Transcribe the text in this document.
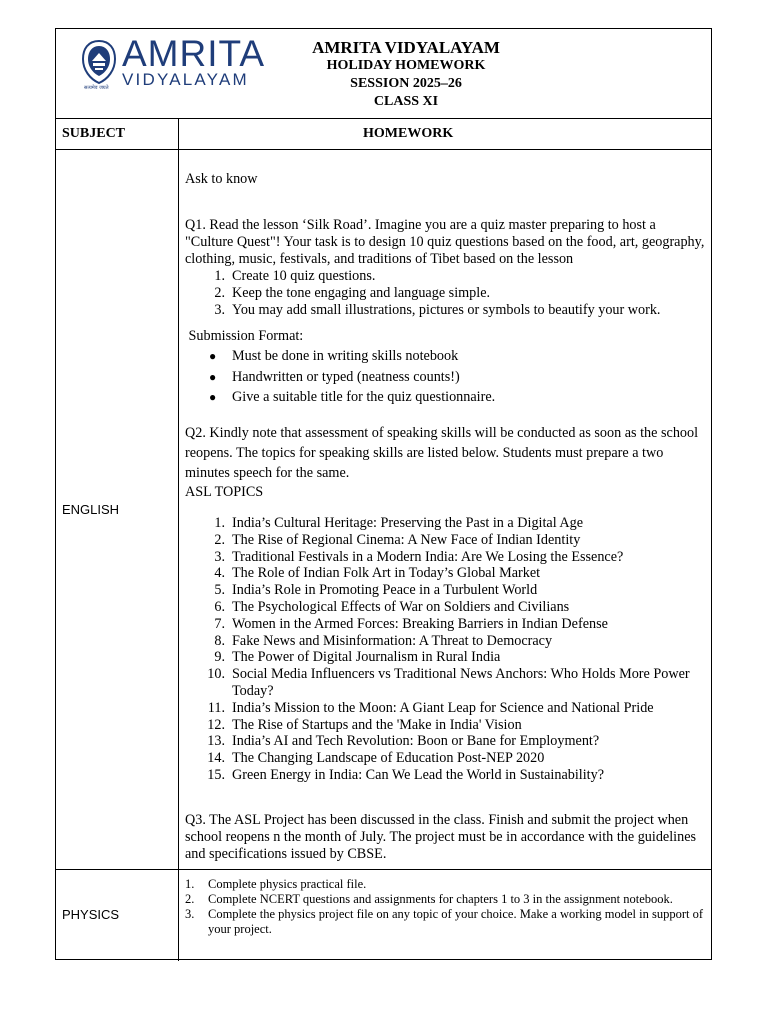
AMRITA
VIDYALAYAM
सत्यमेव जयते
AMRITA VIDYALAYAM
HOLIDAY HOMEWORK
SESSION 2025–26
CLASS XI
SUBJECT	HOMEWORK
ENGLISH
Ask to know

Q1. Read the lesson ‘Silk Road’. Imagine you are a quiz master preparing to host a "Culture Quest"! Your task is to design 10 quiz questions based on the food, art, geography, clothing, music, festivals, and traditions of Tibet based on the lesson

1. Create 10 quiz questions.
2. Keep the tone engaging and language simple.
3. You may add small illustrations, pictures or symbols to beautify your work.
Submission Format:
● Must be done in writing skills notebook
● Handwritten or typed (neatness counts!)
● Give a suitable title for the quiz questionnaire.

Q2. Kindly note that assessment of speaking skills will be conducted as soon as the school reopens. The topics for speaking skills are listed below. Students must prepare a two minutes speech for the same.

ASL TOPICS
1. India’s Cultural Heritage: Preserving the Past in a Digital Age
2. The Rise of Regional Cinema: A New Face of Indian Identity
3. Traditional Festivals in a Modern India: Are We Losing the Essence?
4. The Role of Indian Folk Art in Today’s Global Market
5. India’s Role in Promoting Peace in a Turbulent World
6. The Psychological Effects of War on Soldiers and Civilians
7. Women in the Armed Forces: Breaking Barriers in Indian Defense
8. Fake News and Misinformation: A Threat to Democracy
9. The Power of Digital Journalism in Rural India
10. Social Media Influencers vs Traditional News Anchors: Who Holds More Power Today?
11. India’s Mission to the Moon: A Giant Leap for Science and National Pride
12. The Rise of Startups and the 'Make in India' Vision
13. India’s AI and Tech Revolution: Boon or Bane for Employment?
14. The Changing Landscape of Education Post-NEP 2020
15. Green Energy in India: Can We Lead the World in Sustainability?

Q3. The ASL Project has been discussed in the class. Finish and submit the project when school reopens n the month of July. The project must be in accordance with the guidelines and specifications issued by CBSE.

PHYSICS
1. Complete physics practical file.
2. Complete NCERT questions and assignments for chapters 1 to 3 in the assignment notebook.
3. Complete the physics project file on any topic of your choice. Make a working model in support of your project.
